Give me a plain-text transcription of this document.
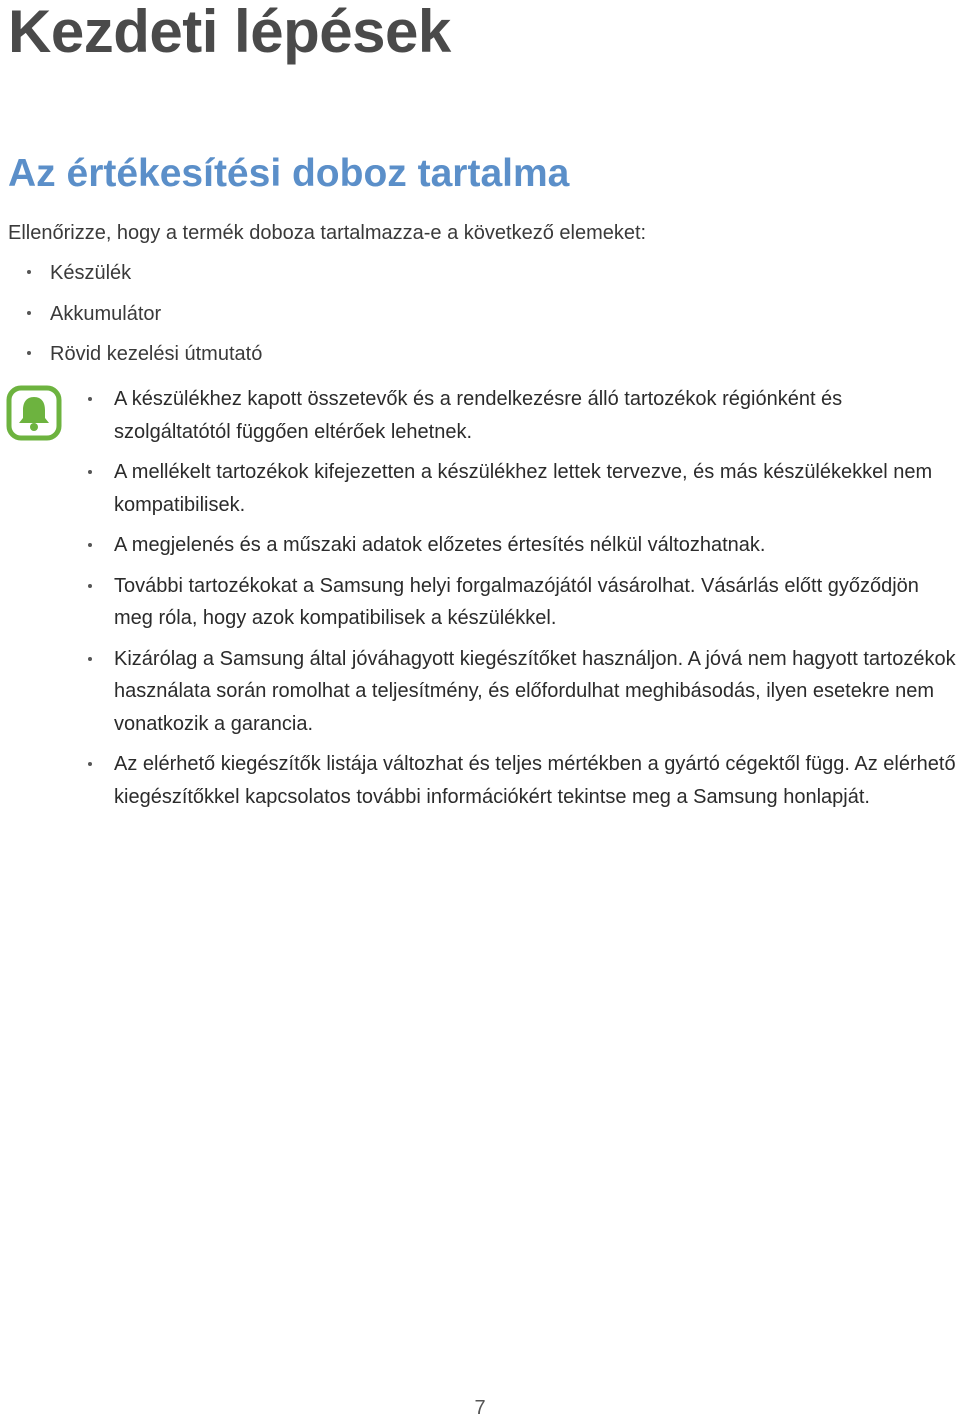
Kezdeti lépések
Az értékesítési doboz tartalma

Ellenőrizze, hogy a termék doboza tartalmazza-e a következő elemeket:

Készülék
Akkumulátor
Rövid kezelési útmutató
A készülékhez kapott összetevők és a rendelkezésre álló tartozékok régiónként és szolgáltatótól függően eltérőek lehetnek.
A mellékelt tartozékok kifejezetten a készülékhez lettek tervezve, és más készülékekkel nem kompatibilisek.
A megjelenés és a műszaki adatok előzetes értesítés nélkül változhatnak.
További tartozékokat a Samsung helyi forgalmazójától vásárolhat. Vásárlás előtt győződjön meg róla, hogy azok kompatibilisek a készülékkel.
Kizárólag a Samsung által jóváhagyott kiegészítőket használjon. A jóvá nem hagyott tartozékok használata során romolhat a teljesítmény, és előfordulhat meghibásodás, ilyen esetekre nem vonatkozik a garancia.
Az elérhető kiegészítők listája változhat és teljes mértékben a gyártó cégektől függ. Az elérhető kiegészítőkkel kapcsolatos további információkért tekintse meg a Samsung honlapját.
7
